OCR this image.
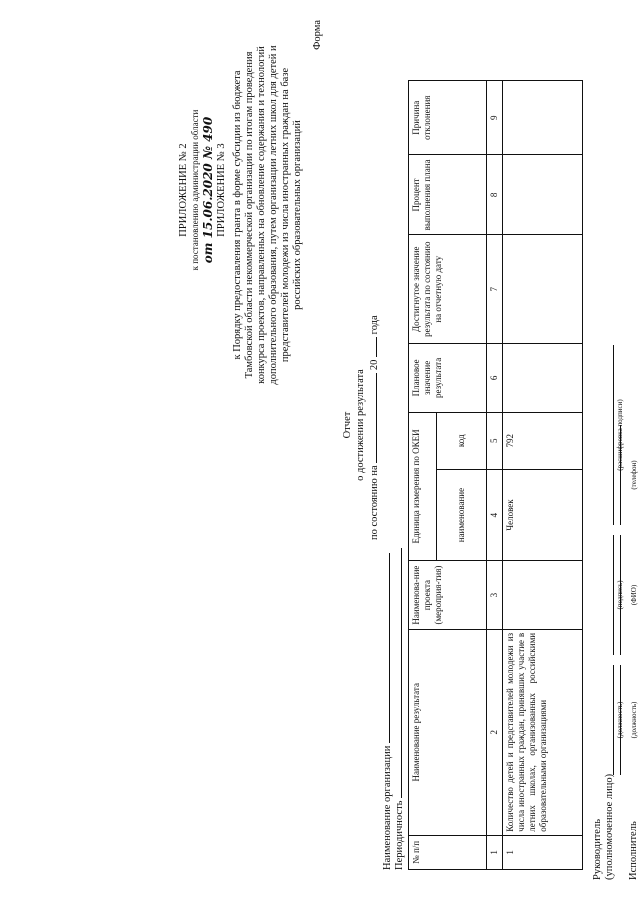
ПРИЛОЖЕНИЕ № 2 к постановлению администрации области от 15.06.2020 № 490 ПРИЛОЖЕНИЕ № 3 к Порядку предоставления гранта в форме субсидии из бюджета Тамбовской области некоммерческой организации по итогам проведения конкурса проектов, направленных на обновление содержания и технологий дополнительного образования, путем организации летних школ для детей и представителей молодежи из числа иностранных граждан на базе российских образовательных организаций
Форма
Отчет о достижении результата
по состоянию на  20  года
Наименование организации Периодичность № п/п	Наименование результата	Наименова-ние проекта (мероприя-тия)	Единица измерения по ОКЕИ		Плановое значение результата	Достигнутое значение результата по состоянию на отчетную дату	Процент выполнения плана	Причина отклонения
			наименование	код				
1	2	3	4	5	6	7	8	9
1	Количество детей и представителей молодежи из числа иностранных граждан, принявших участие в летних школах, организованных российскими образовательными организациями		Человек	792				
Руководитель (уполномоченное лицо)
(должность)
(подпись)
(расшифровка подписи)
Исполнитель
(должность)
(ФИО)
(телефон)
